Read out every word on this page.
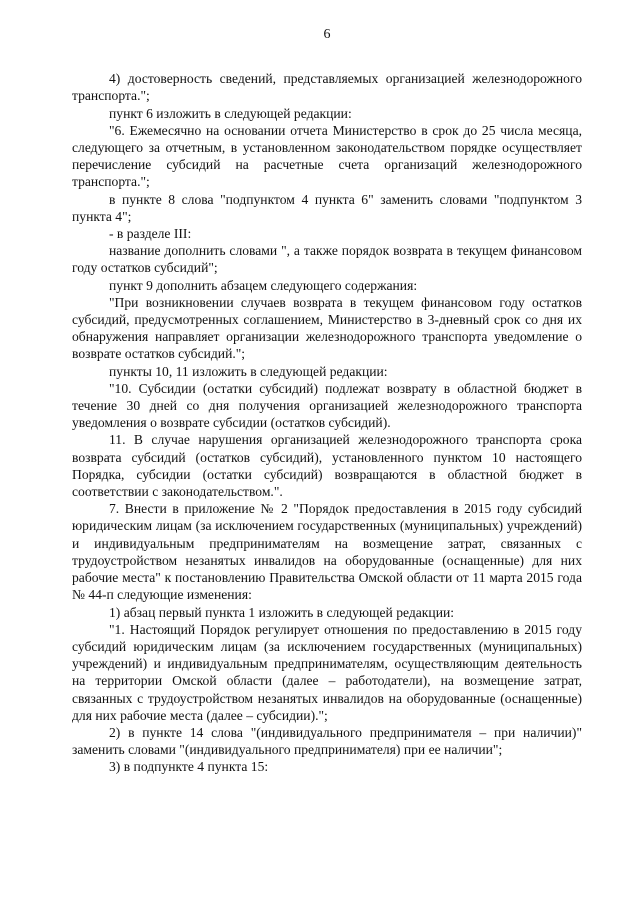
6

4) достоверность сведений, представляемых организацией железнодорожного транспорта.";

пункт 6 изложить в следующей редакции:

"6. Ежемесячно на основании отчета Министерство в срок до 25 числа месяца, следующего за отчетным, в установленном законодательством порядке осуществляет перечисление субсидий на расчетные счета организаций железнодорожного транспорта.";

в пункте 8 слова "подпунктом 4 пункта 6" заменить словами "подпунктом 3 пункта 4";

- в разделе III:

название дополнить словами ", а также порядок возврата в текущем финансовом году остатков субсидий";

пункт 9 дополнить абзацем следующего содержания:

"При возникновении случаев возврата в текущем финансовом году остатков субсидий, предусмотренных соглашением, Министерство в 3-дневный срок со дня их обнаружения направляет организации железнодорожного транспорта уведомление о возврате остатков субсидий.";

пункты 10, 11 изложить в следующей редакции:

"10. Субсидии (остатки субсидий) подлежат возврату в областной бюджет в течение 30 дней со дня получения организацией железнодорожного транспорта уведомления о возврате субсидии (остатков субсидий).

11. В случае нарушения организацией железнодорожного транспорта срока возврата субсидий (остатков субсидий), установленного пунктом 10 настоящего Порядка, субсидии (остатки субсидий) возвращаются в областной бюджет в соответствии с законодательством.".

7. Внести в приложение № 2 "Порядок предоставления в 2015 году субсидий юридическим лицам (за исключением государственных (муниципальных) учреждений) и индивидуальным предпринимателям на возмещение затрат, связанных с трудоустройством незанятых инвалидов на оборудованные (оснащенные) для них рабочие места" к постановлению Правительства Омской области от 11 марта 2015 года № 44-п следующие изменения:

1) абзац первый пункта 1 изложить в следующей редакции:

"1. Настоящий Порядок регулирует отношения по предоставлению в 2015 году субсидий юридическим лицам (за исключением государственных (муниципальных) учреждений) и индивидуальным предпринимателям, осуществляющим деятельность на территории Омской области (далее – работодатели), на возмещение затрат, связанных с трудоустройством незанятых инвалидов на оборудованные (оснащенные) для них рабочие места (далее – субсидии).";

2) в пункте 14 слова "(индивидуального предпринимателя – при наличии)" заменить словами "(индивидуального предпринимателя) при ее наличии";

3) в подпункте 4 пункта 15:
